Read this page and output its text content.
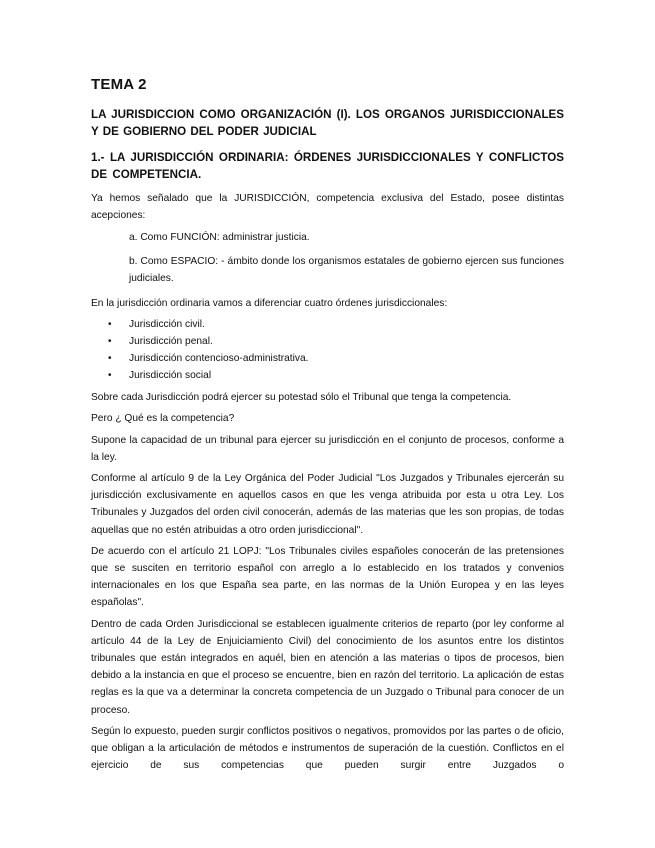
TEMA 2
LA JURISDICCION COMO ORGANIZACIÓN (I). LOS ORGANOS JURISDICCIONALES Y DE GOBIERNO DEL PODER JUDICIAL
1.- LA JURISDICCIÓN ORDINARIA: ÓRDENES JURISDICCIONALES Y CONFLICTOS DE COMPETENCIA.

Ya hemos señalado que la JURISDICCIÓN, competencia exclusiva del Estado, posee distintas acepciones:

a. Como FUNCIÓN: administrar justicia.

b. Como ESPACIO: - ámbito donde los organismos estatales de gobierno ejercen sus funciones judiciales.

En la jurisdicción ordinaria vamos a diferenciar cuatro órdenes jurisdiccionales:

• Jurisdicción civil.
• Jurisdicción penal.
• Jurisdicción contencioso-administrativa.
• Jurisdicción social

Sobre cada Jurisdicción podrá ejercer su potestad sólo el Tribunal que tenga la competencia.

Pero ¿ Qué es la competencia?

Supone la capacidad de un tribunal para ejercer su jurisdicción en el conjunto de procesos, conforme a la ley.

Conforme al artículo 9 de la Ley Orgánica del Poder Judicial "Los Juzgados y Tribunales ejercerán su jurisdicción exclusivamente en aquellos casos en que les venga atribuida por esta u otra Ley. Los Tribunales y Juzgados del orden civil conocerán, además de las materias que les son propias, de todas aquellas que no estén atribuidas a otro orden jurisdiccional".

De acuerdo con el artículo 21 LOPJ: "Los Tribunales civiles españoles conocerán de las pretensiones que se susciten en territorio español con arreglo a lo establecido en los tratados y convenios internacionales en los que España sea parte, en las normas de la Unión Europea y en las leyes españolas".

Dentro de cada Orden Jurisdiccional se establecen igualmente criterios de reparto (por ley conforme al artículo 44 de la Ley de Enjuiciamiento Civil) del conocimiento de los asuntos entre los distintos tribunales que están integrados en aquél, bien en atención a las materias o tipos de procesos, bien debido a la instancia en que el proceso se encuentre, bien en razón del territorio. La aplicación de estas reglas es la que va a determinar la concreta competencia de un Juzgado o Tribunal para conocer de un proceso.

Según lo expuesto, pueden surgir conflictos positivos o negativos, promovidos por las partes o de oficio, que obligan a la articulación de métodos e instrumentos de superación de la cuestión. Conflictos en el ejercicio de sus competencias que pueden surgir entre Juzgados o
